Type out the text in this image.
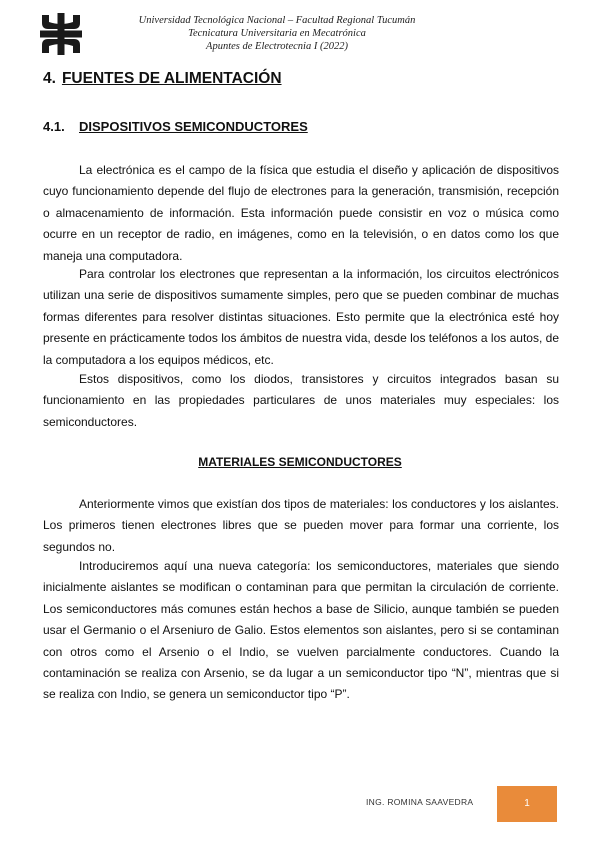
Universidad Tecnológica Nacional – Facultad Regional Tucumán
Tecnicatura Universitaria en Mecatrónica
Apuntes de Electrotecnia I (2022)
4. FUENTES DE ALIMENTACIÓN
4.1. DISPOSITIVOS SEMICONDUCTORES

La electrónica es el campo de la física que estudia el diseño y aplicación de dispositivos cuyo funcionamiento depende del flujo de electrones para la generación, transmisión, recepción o almacenamiento de información. Esta información puede consistir en voz o música como ocurre en un receptor de radio, en imágenes, como en la televisión, o en datos como los que maneja una computadora.

Para controlar los electrones que representan a la información, los circuitos electrónicos utilizan una serie de dispositivos sumamente simples, pero que se pueden combinar de muchas formas diferentes para resolver distintas situaciones. Esto permite que la electrónica esté hoy presente en prácticamente todos los ámbitos de nuestra vida, desde los teléfonos a los autos, de la computadora a los equipos médicos, etc.

Estos dispositivos, como los diodos, transistores y circuitos integrados basan su funcionamiento en las propiedades particulares de unos materiales muy especiales: los semiconductores.

MATERIALES SEMICONDUCTORES

Anteriormente vimos que existían dos tipos de materiales: los conductores y los aislantes. Los primeros tienen electrones libres que se pueden mover para formar una corriente, los segundos no.

Introduciremos aquí una nueva categoría: los semiconductores, materiales que siendo inicialmente aislantes se modifican o contaminan para que permitan la circulación de corriente. Los semiconductores más comunes están hechos a base de Silicio, aunque también se pueden usar el Germanio o el Arseniuro de Galio. Estos elementos son aislantes, pero si se contaminan con otros como el Arsenio o el Indio, se vuelven parcialmente conductores. Cuando la contaminación se realiza con Arsenio, se da lugar a un semiconductor tipo “N”, mientras que si se realiza con Indio, se genera un semiconductor tipo “P”.

ING. ROMINA SAAVEDRA	1
